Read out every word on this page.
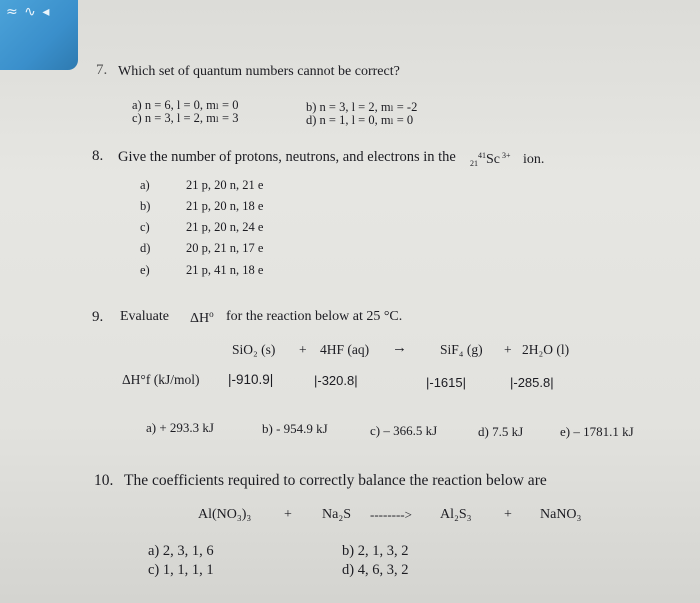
≈ ∿ ◂
7. Which set of quantum numbers cannot be correct?
a) n = 6, l = 0, mₗ = 0	b) n = 3, l = 2, mₗ = -2
c) n = 3, l = 2, mₗ = 3	d) n = 1, l = 0, mₗ = 0
8. Give the number of protons, neutrons, and electrons in the $_{21}^{41}$Sc $^{3+}$ ion.
a)	21 p, 20 n, 21 e
b)	21 p, 20 n, 18 e
c)	21 p, 20 n, 24 e
d)	20 p, 21 n, 17 e
e)	21 p, 41 n, 18 e
9. Evaluate $\Delta H^o$ for the reaction below at 25 °C.
SiO₂ (s) + 4HF (aq) → SiF₄ (g) + 2H₂O (l)
ΔH°f (kJ/mol) |-910.9|	|-320.8|	|-1615|	|-285.8|
a) + 293.3 kJ	b) - 954.9 kJ	c) – 366.5 kJ	d) 7.5 kJ	e) – 1781.1 kJ
10. The coefficients required to correctly balance the reaction below are
Al(NO₃)₃ + Na₂S --------> Al₂S₃ + NaNO₃
a) 2, 3, 1, 6	b) 2, 1, 3, 2
c) 1, 1, 1, 1	d) 4, 6, 3, 2
